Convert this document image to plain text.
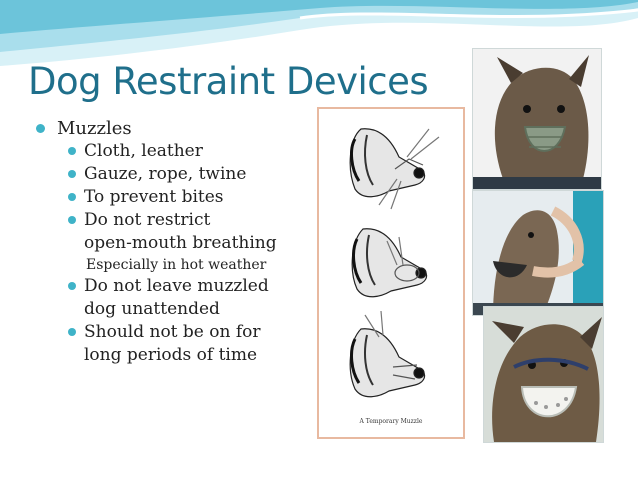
Dog Restraint Devices
Muzzles
Cloth, leather
Gauze, rope, twine
To prevent bites
Do not restrict
open-mouth breathing
Especially in hot weather
Do not leave muzzled
dog unattended
Should not be on for
long periods of time
A Temporary Muzzle
